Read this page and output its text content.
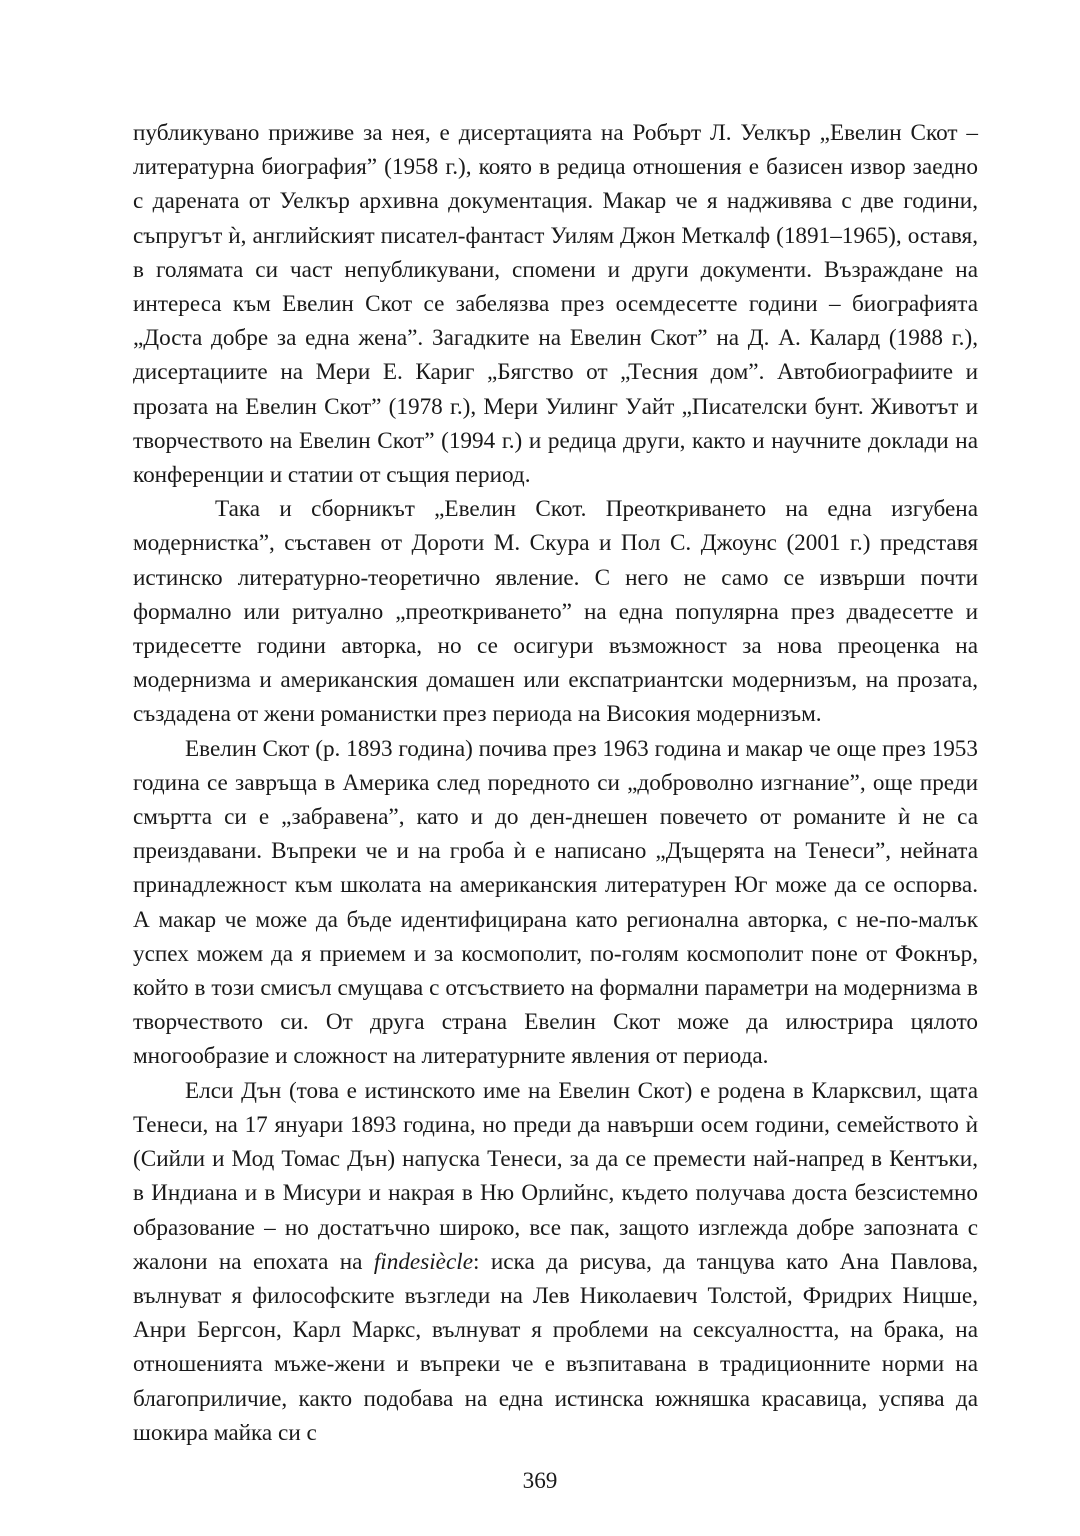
публикувано приживе за нея, е дисертацията на Робърт Л. Уелкър „Евелин Скот – литературна биография” (1958 г.), която в редица отношения е базисен извор заедно с дарената от Уелкър архивна документация. Макар че я надживява с две години, съпругът ѝ, английският писател-фантаст Уилям Джон Меткалф (1891–1965), оставя, в голямата си част непубликувани, спомени и други документи. Възраждане на интереса към Евелин Скот се забелязва през осемдесетте години – биографията „Доста добре за една жена”. Загадките на Евелин Скот” на Д. А. Калард (1988 г.), дисертациите на Мери Е. Кариг „Бягство от „Тесния дом”. Автобиографиите и прозата на Евелин Скот” (1978 г.), Мери Уилинг Уайт „Писателски бунт. Животът и творчеството на Евелин Скот” (1994 г.) и редица други, както и научните доклади на конференции и статии от същия период.

Така и сборникът „Евелин Скот. Преоткриването на една изгубена модернистка”, съставен от Дороти М. Скура и Пол С. Джоунс (2001 г.) представя истинско литературно-теоретично явление. С него не само се извърши почти формално или ритуално „преоткриването” на една популярна през двадесетте и тридесетте години авторка, но се осигури възможност за нова преоценка на модернизма и американския домашен или експатриантски модернизъм, на прозата, създадена от жени романистки през периода на Високия модернизъм.

Евелин Скот (р. 1893 година) почива през 1963 година и макар че още през 1953 година се завръща в Америка след поредното си „доброволно изгнание”, още преди смъртта си е „забравена”, като и до ден-днешен повечето от романите ѝ не са преиздавани. Въпреки че и на гроба ѝ е написано „Дъщерята на Тенеси”, нейната принадлежност към школата на американския литературен Юг може да се оспорва. А макар че може да бъде идентифицирана като регионална авторка, с не-по-малък успех можем да я приемем и за космополит, по-голям космополит поне от Фокнър, който в този смисъл смущава с отсъствието на формални параметри на модернизма в творчеството си. От друга страна Евелин Скот може да илюстрира цялото многообразие и сложност на литературните явления от периода.

Елси Дън (това е истинското име на Евелин Скот) е родена в Кларксвил, щата Тенеси, на 17 януари 1893 година, но преди да навърши осем години, семейството ѝ (Сийли и Мод Томас Дън) напуска Тенеси, за да се премести най-напред в Кентъки, в Индиана и в Мисури и накрая в Ню Орлийнс, където получава доста безсистемно образование – но достатъчно широко, все пак, защото изглежда добре запозната с жалони на епохата на findesiècle: иска да рисува, да танцува като Ана Павлова, вълнуват я философските възгледи на Лев Николаевич Толстой, Фридрих Ницше, Анри Бергсон, Карл Маркс, вълнуват я проблеми на сексуалността, на брака, на отношенията мъже-жени и въпреки че е възпитавана в традиционните норми на благоприличие, както подобава на една истинска южняшка красавица, успява да шокира майка си с

369
